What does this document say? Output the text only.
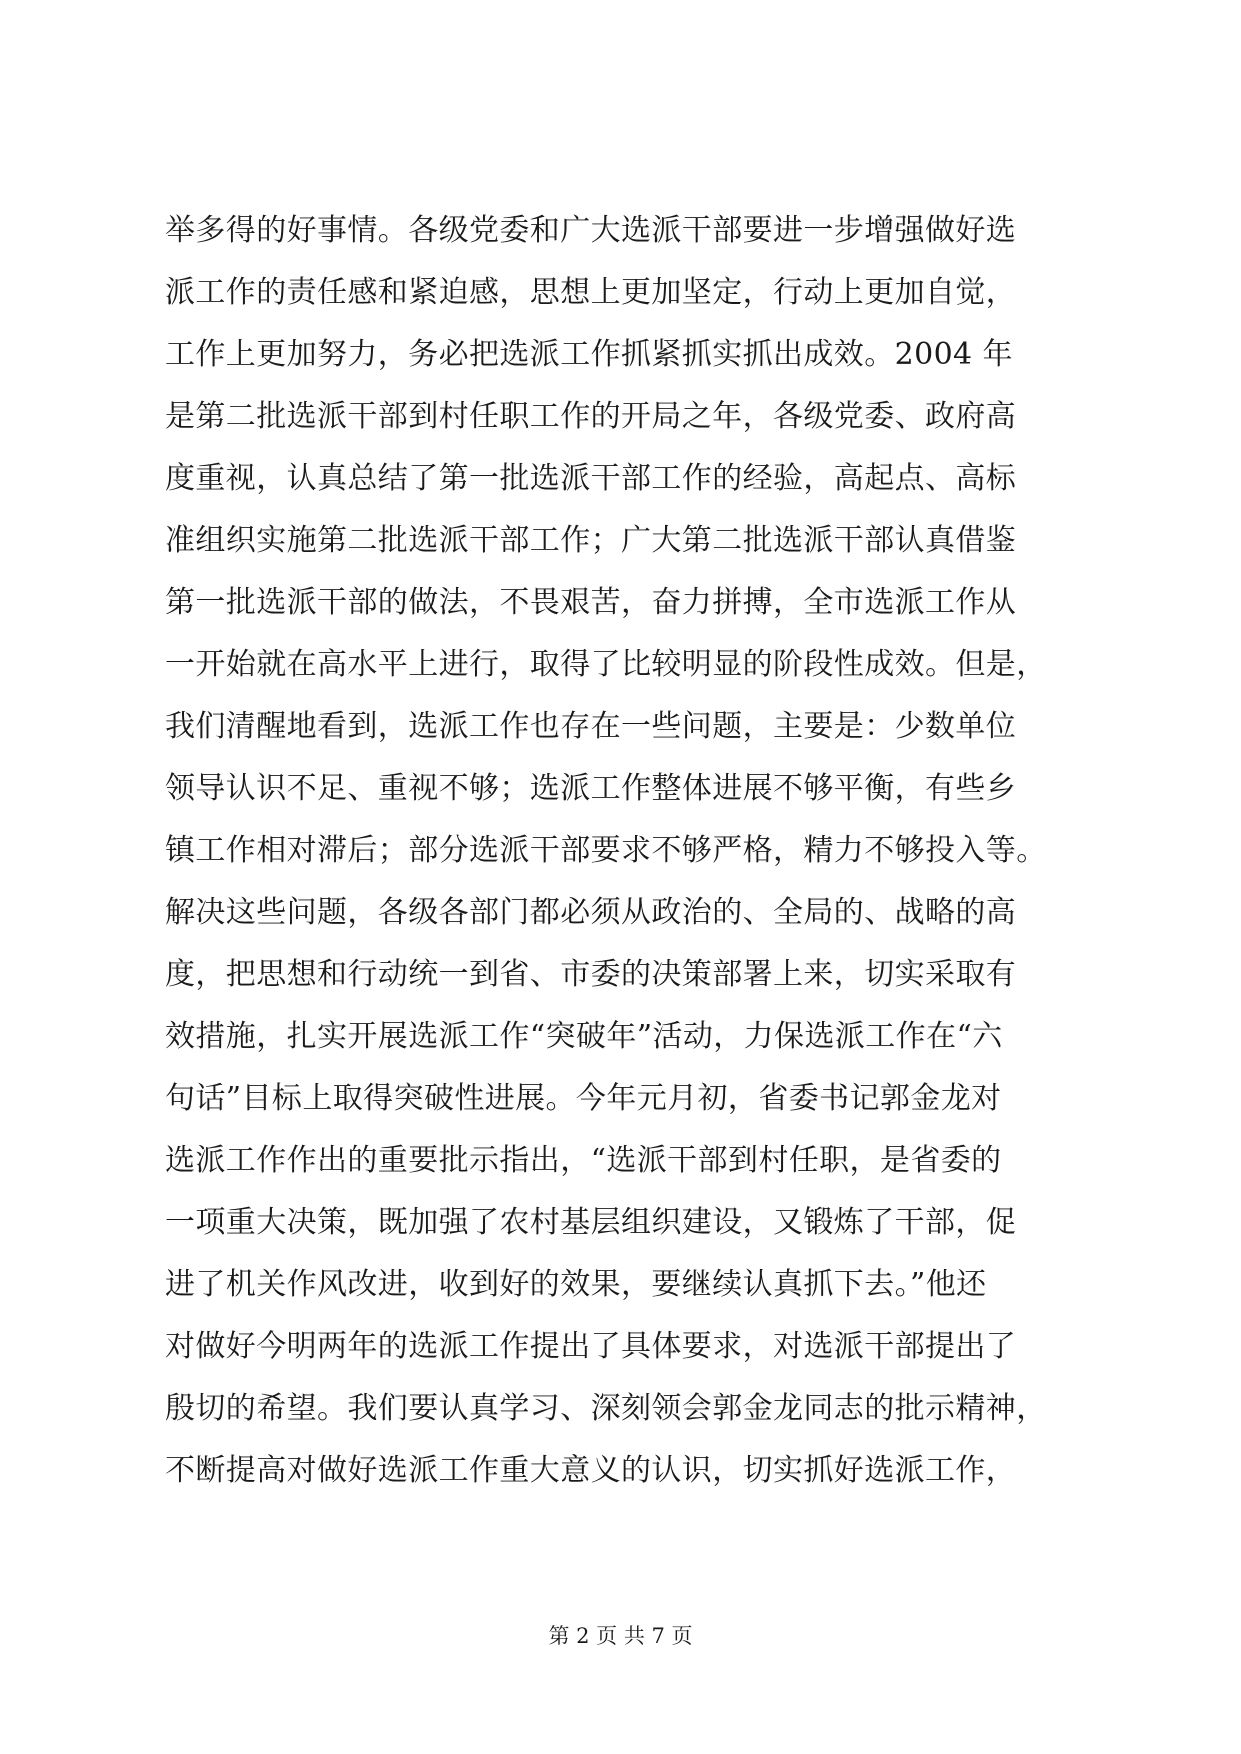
举多得的好事情。各级党委和广大选派干部要进一步增强做好选
派工作的责任感和紧迫感，思想上更加坚定，行动上更加自觉，
工作上更加努力，务必把选派工作抓紧抓实抓出成效。2004 年
是第二批选派干部到村任职工作的开局之年，各级党委、政府高
度重视，认真总结了第一批选派干部工作的经验，高起点、高标
准组织实施第二批选派干部工作；广大第二批选派干部认真借鉴
第一批选派干部的做法，不畏艰苦，奋力拼搏，全市选派工作从
一开始就在高水平上进行，取得了比较明显的阶段性成效。但是，
我们清醒地看到，选派工作也存在一些问题，主要是：少数单位
领导认识不足、重视不够；选派工作整体进展不够平衡，有些乡
镇工作相对滞后；部分选派干部要求不够严格，精力不够投入等。
解决这些问题，各级各部门都必须从政治的、全局的、战略的高
度，把思想和行动统一到省、市委的决策部署上来，切实采取有
效措施，扎实开展选派工作“突破年”活动，力保选派工作在“六
句话”目标上取得突破性进展。今年元月初，省委书记郭金龙对
选派工作作出的重要批示指出，“选派干部到村任职，是省委的
一项重大决策，既加强了农村基层组织建设，又锻炼了干部，促
进了机关作风改进，收到好的效果，要继续认真抓下去。”他还
对做好今明两年的选派工作提出了具体要求，对选派干部提出了
殷切的希望。我们要认真学习、深刻领会郭金龙同志的批示精神，
不断提高对做好选派工作重大意义的认识，切实抓好选派工作，
第 2 页 共 7 页
